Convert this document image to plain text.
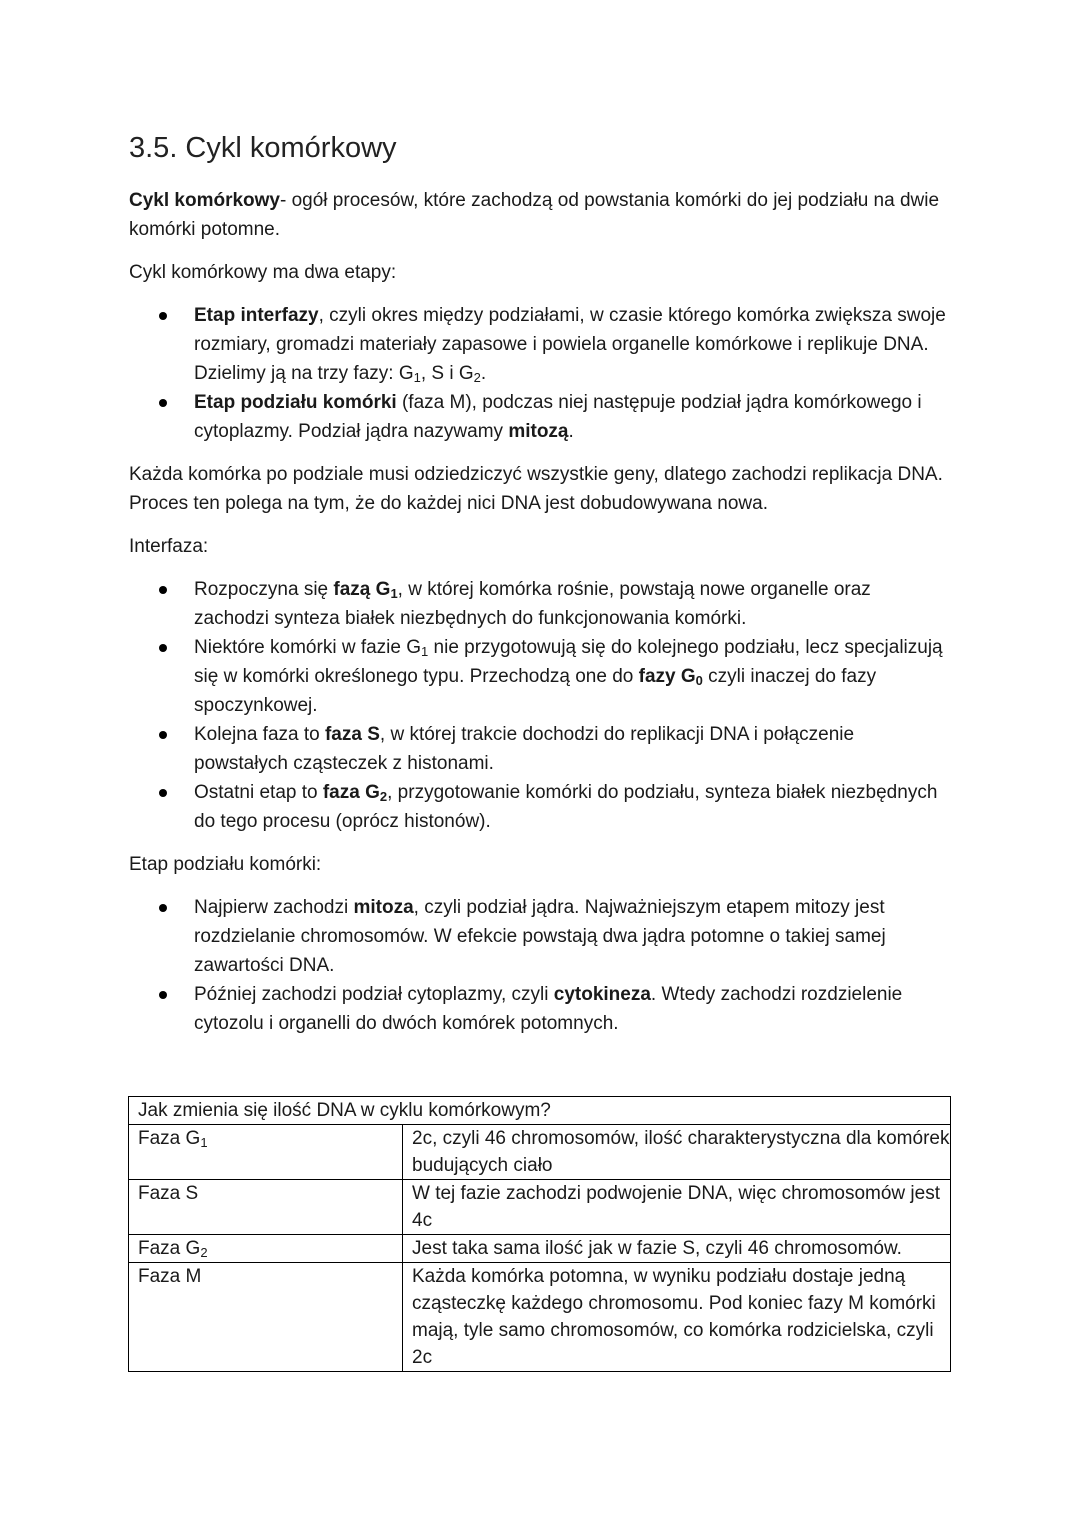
3.5. Cykl komórkowy

Cykl komórkowy- ogół procesów, które zachodzą od powstania komórki do jej podziału na dwie komórki potomne.

Cykl komórkowy ma dwa etapy:

Etap interfazy, czyli okres między podziałami, w czasie którego komórka zwiększa swoje rozmiary, gromadzi materiały zapasowe i powiela organelle komórkowe i replikuje DNA. Dzielimy ją na trzy fazy: $G_1$, S i $G_2$.
Etap podziału komórki (faza M), podczas niej następuje podział jądra komórkowego i cytoplazmy. Podział jądra nazywamy mitozą.

Każda komórka po podziale musi odziedziczyć wszystkie geny, dlatego zachodzi replikacja DNA. Proces ten polega na tym, że do każdej nici DNA jest dobudowywana nowa.

Interfaza:

Rozpoczyna się fazą $G_1$, w której komórka rośnie, powstają nowe organelle oraz zachodzi synteza białek niezbędnych do funkcjonowania komórki.
Niektóre komórki w fazie $G_1$ nie przygotowują się do kolejnego podziału, lecz specjalizują się w komórki określonego typu. Przechodzą one do fazy $G_0$ czyli inaczej do fazy spoczynkowej.
Kolejna faza to faza S, w której trakcie dochodzi do replikacji DNA i połączenie powstałych cząsteczek z histonami.
Ostatni etap to faza $G_2$, przygotowanie komórki do podziału, synteza białek niezbędnych do tego procesu (oprócz histonów).

Etap podziału komórki:

Najpierw zachodzi mitoza, czyli podział jądra. Najważniejszym etapem mitozy jest rozdzielanie chromosomów. W efekcie powstają dwa jądra potomne o takiej samej zawartości DNA.
Później zachodzi podział cytoplazmy, czyli cytokineza. Wtedy zachodzi rozdzielenie cytozolu i organelli do dwóch komórek potomnych.
Jak zmienia się ilość DNA w cyklu komórkowym?	
Faza $G_1$	2c, czyli 46 chromosomów, ilość charakterystyczna dla komórek budujących ciało
Faza S	W tej fazie zachodzi podwojenie DNA, więc chromosomów jest 4c
Faza $G_2$	Jest taka sama ilość jak w fazie S, czyli 46 chromosomów.
Faza M	Każda komórka potomna, w wyniku podziału dostaje jedną cząsteczkę każdego chromosomu. Pod koniec fazy M komórki mają, tyle samo chromosomów, co komórka rodzicielska, czyli 2c
